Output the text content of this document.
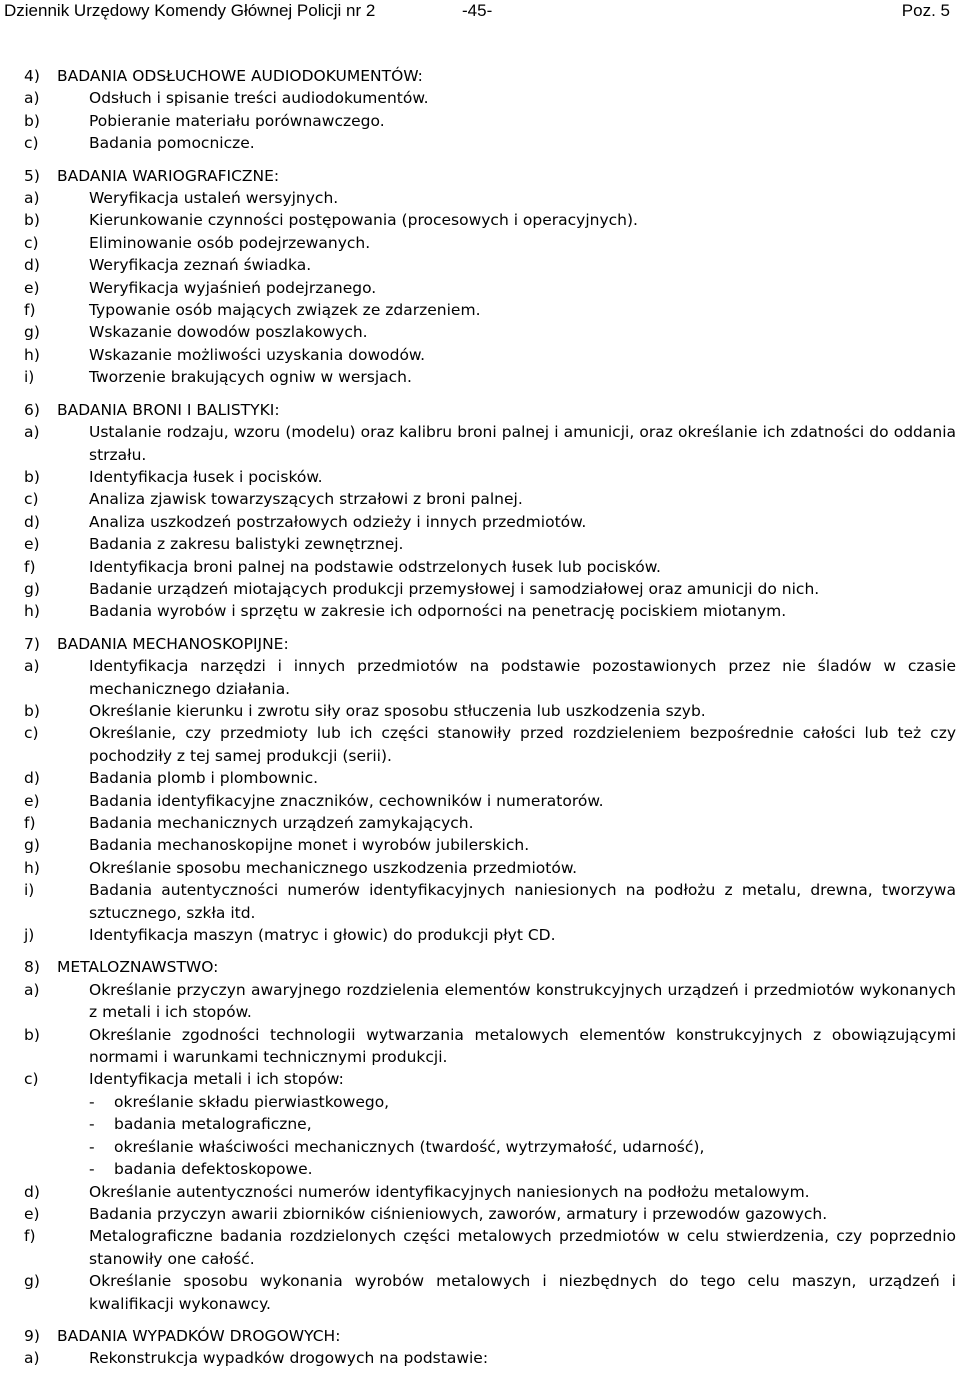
Dziennik Urzędowy Komendy Głównej Policji nr 2	-45-	Poz. 5
4)	BADANIA ODSŁUCHOWE AUDIODOKUMENTÓW:
a)	Odsłuch i spisanie treści audiodokumentów.
b)	Pobieranie materiału porównawczego.
c)	Badania pomocnicze.
5)	BADANIA WARIOGRAFICZNE:
a)	Weryfikacja ustaleń wersyjnych.
b)	Kierunkowanie czynności postępowania (procesowych i operacyjnych).
c)	Eliminowanie osób podejrzewanych.
d)	Weryfikacja zeznań świadka.
e)	Weryfikacja wyjaśnień podejrzanego.
f)	Typowanie osób mających związek ze zdarzeniem.
g)	Wskazanie dowodów poszlakowych.
h)	Wskazanie możliwości uzyskania dowodów.
i)	Tworzenie brakujących ogniw w wersjach.
6)	BADANIA BRONI I BALISTYKI:
a)	Ustalanie rodzaju, wzoru (modelu) oraz kalibru broni palnej i amunicji, oraz określanie ich zdatności do oddania strzału.
b)	Identyfikacja łusek i pocisków.
c)	Analiza zjawisk towarzyszących strzałowi z broni palnej.
d)	Analiza uszkodzeń postrzałowych odzieży i innych przedmiotów.
e)	Badania z zakresu balistyki zewnętrznej.
f)	Identyfikacja broni palnej na podstawie odstrzelonych łusek lub pocisków.
g)	Badanie urządzeń miotających produkcji przemysłowej i samodziałowej oraz amunicji do nich.
h)	Badania wyrobów i sprzętu w zakresie ich odporności na penetrację pociskiem miotanym.
7)	BADANIA MECHANOSKOPIJNE:
a)	Identyfikacja narzędzi i innych przedmiotów na podstawie pozostawionych przez nie śladów w czasie mechanicznego działania.
b)	Określanie kierunku i zwrotu siły oraz sposobu stłuczenia lub uszkodzenia szyb.
c)	Określanie, czy przedmioty lub ich części stanowiły przed rozdzieleniem bezpośrednie całości lub też czy pochodziły z tej samej produkcji (serii).
d)	Badania plomb i plombownic.
e)	Badania identyfikacyjne znaczników, cechowników i numeratorów.
f)	Badania mechanicznych urządzeń zamykających.
g)	Badania mechanoskopijne monet i wyrobów jubilerskich.
h)	Określanie sposobu mechanicznego uszkodzenia przedmiotów.
i)	Badania autentyczności numerów identyfikacyjnych naniesionych na podłożu z metalu, drewna, tworzywa sztucznego, szkła itd.
j)	Identyfikacja maszyn (matryc i głowic) do produkcji płyt CD.
8)	METALOZNAWSTWO:
a)	Określanie przyczyn awaryjnego rozdzielenia elementów konstrukcyjnych urządzeń i przedmiotów wykonanych z metali i ich stopów.
b)	Określanie zgodności technologii wytwarzania metalowych elementów konstrukcyjnych z obowiązującymi normami i warunkami technicznymi produkcji.
c)	Identyfikacja metali i ich stopów:
-	określanie składu pierwiastkowego,
-	badania metalograficzne,
-	określanie właściwości mechanicznych (twardość, wytrzymałość, udarność),
-	badania defektoskopowe.
d)	Określanie autentyczności numerów identyfikacyjnych naniesionych na podłożu metalowym.
e)	Badania przyczyn awarii zbiorników ciśnieniowych, zaworów, armatury i przewodów gazowych.
f)	Metalograficzne badania rozdzielonych części metalowych przedmiotów w celu stwierdzenia, czy poprzednio stanowiły one całość.
g)	Określanie sposobu wykonania wyrobów metalowych i niezbędnych do tego celu maszyn, urządzeń i kwalifikacji wykonawcy.
9)	BADANIA WYPADKÓW DROGOWYCH:
a)	Rekonstrukcja wypadków drogowych na podstawie:
